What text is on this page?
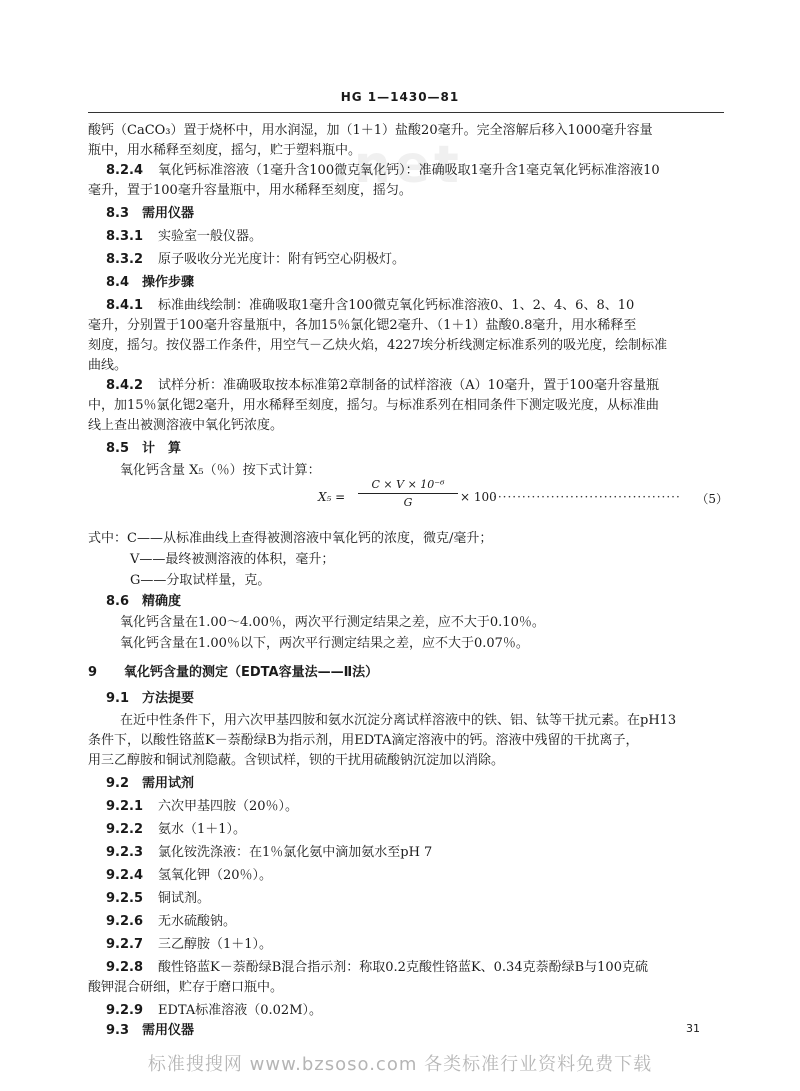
.net
HG 1—1430—81
酸钙（CaCO₃）置于烧杯中，用水润湿，加（1＋1）盐酸20毫升。完全溶解后移入1000毫升容量
瓶中，用水稀释至刻度，摇匀，贮于塑料瓶中。
8.2.4 氧化钙标准溶液（1毫升含100微克氧化钙）：准确吸取1毫升含1毫克氧化钙标准溶液10
毫升，置于100毫升容量瓶中，用水稀释至刻度，摇匀。
8.3 需用仪器
8.3.1 实验室一般仪器。
8.3.2 原子吸收分光光度计：附有钙空心阴极灯。
8.4 操作步骤
8.4.1 标准曲线绘制：准确吸取1毫升含100微克氧化钙标准溶液0、1、2、4、6、8、10
毫升，分别置于100毫升容量瓶中，各加15％氯化锶2毫升、（1＋1）盐酸0.8毫升，用水稀释至
刻度，摇匀。按仪器工作条件，用空气－乙炔火焰，4227埃分析线测定标准系列的吸光度，绘制标准
曲线。
8.4.2 试样分析：准确吸取按本标准第2章制备的试样溶液（A）10毫升，置于100毫升容量瓶
中，加15％氯化锶2毫升，用水稀释至刻度，摇匀。与标准系列在相同条件下测定吸光度，从标准曲
线上查出被测溶液中氧化钙浓度。
8.5 计　算
氧化钙含量 X₅（％）按下式计算：
式中：C——从标准曲线上查得被测溶液中氧化钙的浓度，微克/毫升；
V——最终被测溶液的体积，毫升；
G——分取试样量，克。
8.6 精确度
氧化钙含量在1.00～4.00％，两次平行测定结果之差，应不大于0.10％。
氧化钙含量在1.00％以下，两次平行测定结果之差，应不大于0.07％。
9 氧化钙含量的测定（EDTA容量法——Ⅱ法）
9.1 方法提要
在近中性条件下，用六次甲基四胺和氨水沉淀分离试样溶液中的铁、铝、钛等干扰元素。在pH13
条件下，以酸性铬蓝K－萘酚绿B为指示剂，用EDTA滴定溶液中的钙。溶液中残留的干扰离子，
用三乙醇胺和铜试剂隐蔽。含钡试样，钡的干扰用硫酸钠沉淀加以消除。
9.2 需用试剂
9.2.1 六次甲基四胺（20％）。
9.2.2 氨水（1＋1）。
9.2.3 氯化铵洗涤液：在1％氯化氨中滴加氨水至pH 7
9.2.4 氢氧化钾（20％）。
9.2.5 铜试剂。
9.2.6 无水硫酸钠。
9.2.7 三乙醇胺（1＋1）。
9.2.8 酸性铬蓝K－萘酚绿B混合指示剂：称取0.2克酸性铬蓝K、0.34克萘酚绿B与100克硫
酸钾混合研细，贮存于磨口瓶中。
9.2.9 EDTA标准溶液（0.02M）。
9.3 需用仪器
X₅ =
C × V × 10⁻⁶
G	× 100
······································· （5）
31
标准搜搜网 www.bzsoso.com 各类标准行业资料免费下载
